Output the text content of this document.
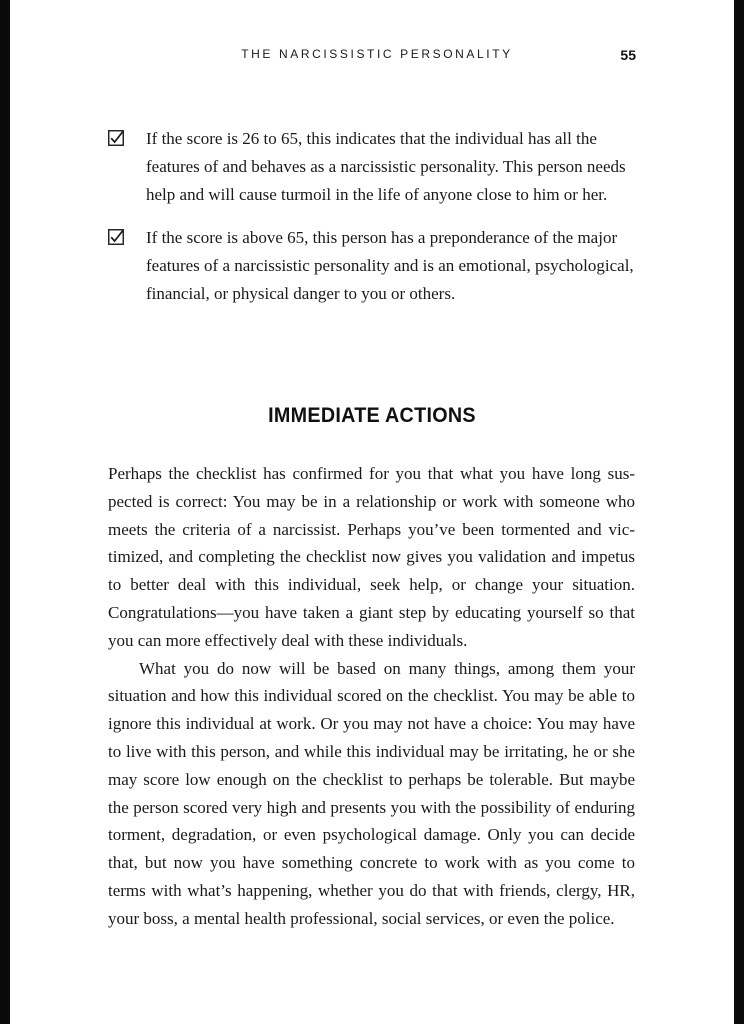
THE NARCISSISTIC PERSONALITY	55
If the score is 26 to 65, this indicates that the individual has all the features of and behaves as a narcissistic personality. This person needs help and will cause turmoil in the life of anyone close to him or her.
If the score is above 65, this person has a preponderance of the major features of a narcissistic personality and is an emotional, psychological, financial, or physical danger to you or others.
IMMEDIATE ACTIONS

Perhaps the checklist has confirmed for you that what you have long suspected is correct: You may be in a relationship or work with someone who meets the criteria of a narcissist. Perhaps you’ve been tormented and victimized, and completing the checklist now gives you validation and impetus to better deal with this individual, seek help, or change your situation. Congratulations—you have taken a giant step by educating yourself so that you can more effectively deal with these individuals.

What you do now will be based on many things, among them your situation and how this individual scored on the checklist. You may be able to ignore this individual at work. Or you may not have a choice: You may have to live with this person, and while this individual may be irritating, he or she may score low enough on the checklist to perhaps be tolerable. But maybe the person scored very high and presents you with the possibility of enduring torment, degradation, or even psychological damage. Only you can decide that, but now you have something concrete to work with as you come to terms with what’s happening, whether you do that with friends, clergy, HR, your boss, a mental health professional, social services, or even the police.
